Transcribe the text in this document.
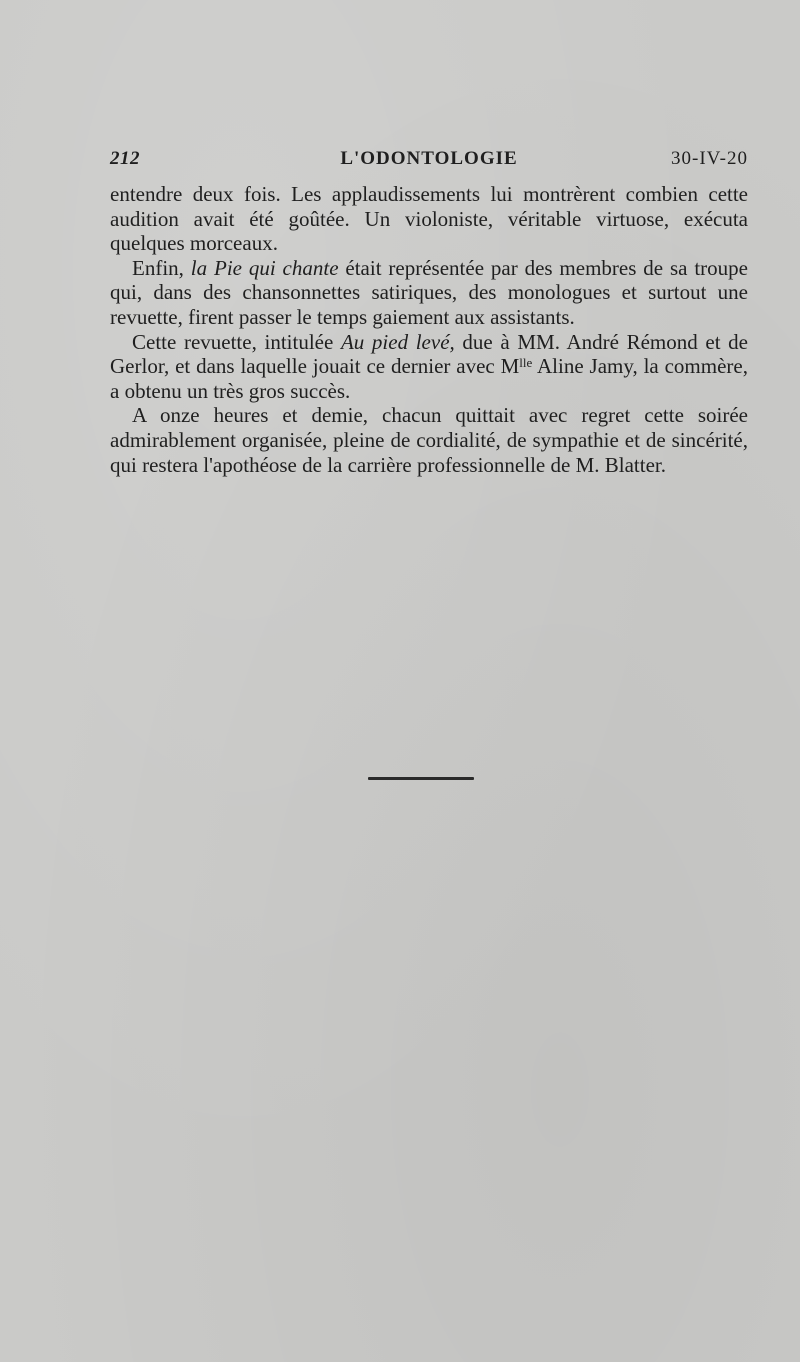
212	L'ODONTOLOGIE	30-IV-20

entendre deux fois. Les applaudissements lui montrèrent combien cette audition avait été goûtée. Un violoniste, véritable virtuose, exécuta quelques morceaux.

Enfin, la Pie qui chante était représentée par des membres de sa troupe qui, dans des chansonnettes satiriques, des monologues et surtout une revuette, firent passer le temps gaiement aux assistants.

Cette revuette, intitulée Au pied levé, due à MM. André Rémond et de Gerlor, et dans laquelle jouait ce dernier avec $M^{lle}$ Aline Jamy, la commère, a obtenu un très gros succès.

A onze heures et demie, chacun quittait avec regret cette soirée admirablement organisée, pleine de cordialité, de sympathie et de sincérité, qui restera l'apothéose de la carrière professionnelle de M. Blatter.
